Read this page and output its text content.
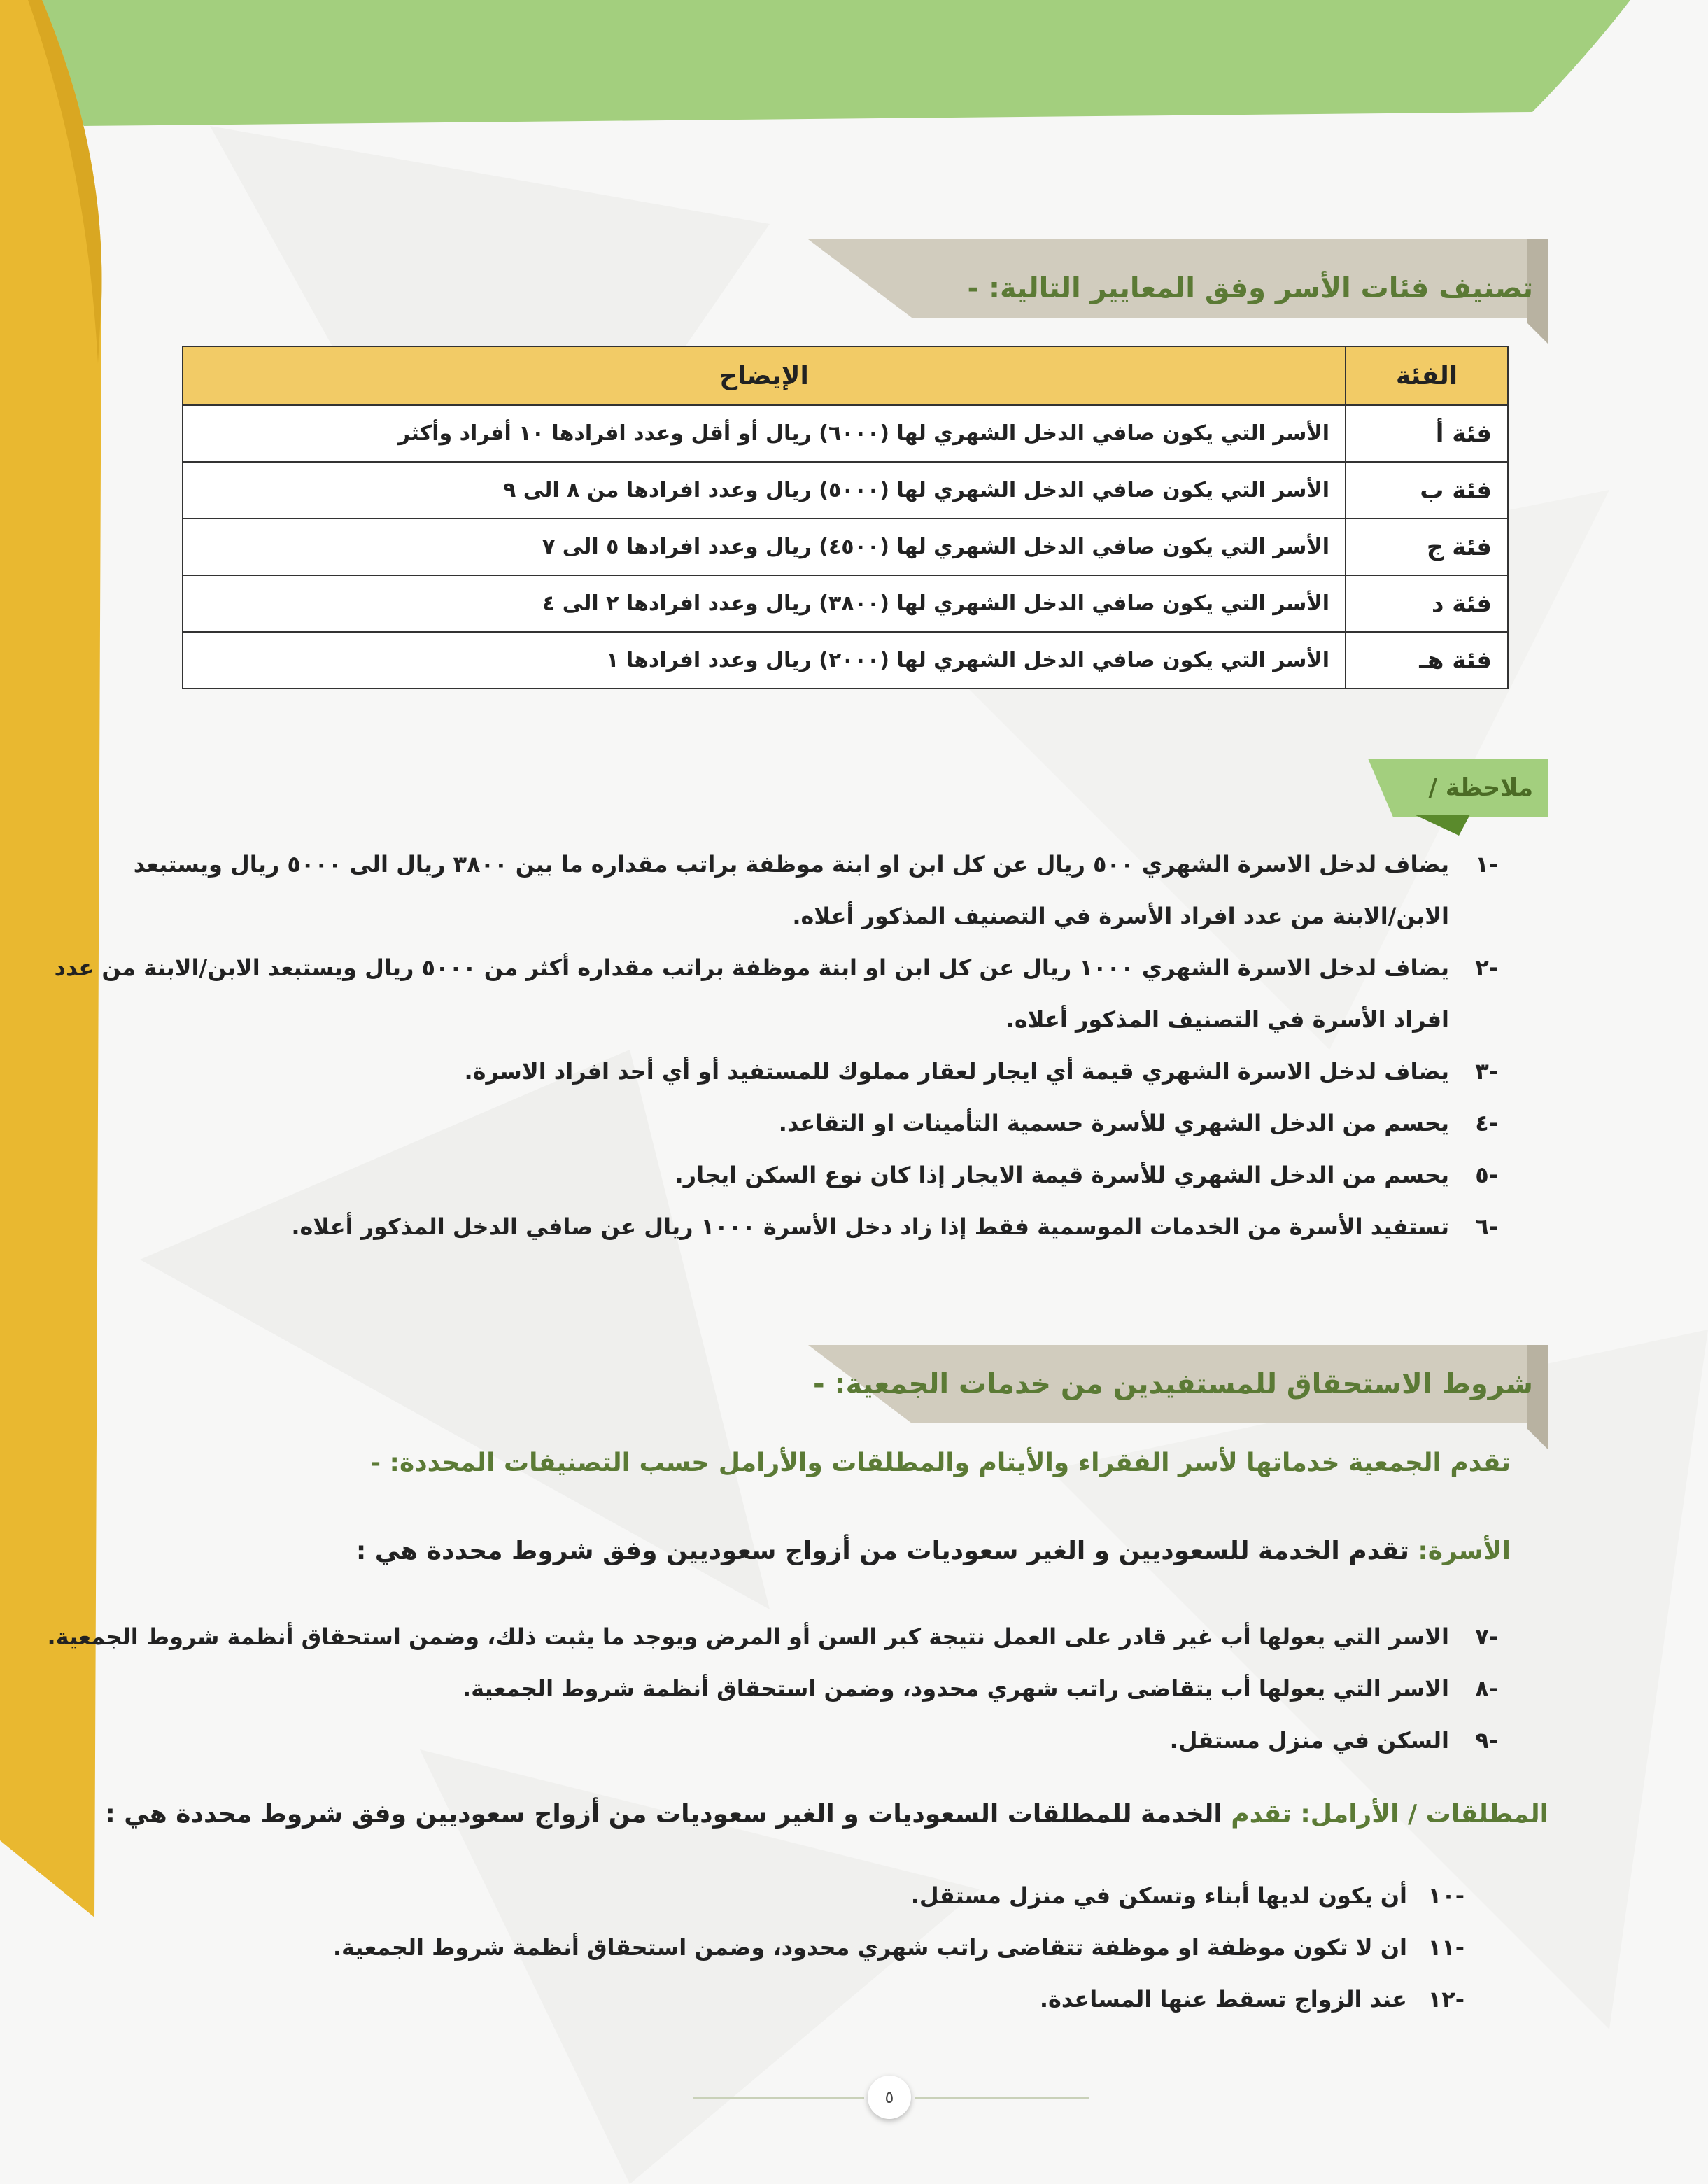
تصنيف فئات الأسر وفق المعايير التالية: -
الفئة	الإيضاح
فئة أ	الأسر التي يكون صافي الدخل الشهري لها (٦٠٠٠) ريال أو أقل وعدد افرادها ١٠ أفراد وأكثر
فئة ب	الأسر التي يكون صافي الدخل الشهري لها (٥٠٠٠) ريال وعدد افرادها من ٨ الى ٩
فئة ج	الأسر التي يكون صافي الدخل الشهري لها (٤٥٠٠) ريال وعدد افرادها ٥ الى ٧
فئة د	الأسر التي يكون صافي الدخل الشهري لها (٣٨٠٠) ريال وعدد افرادها ٢ الى ٤
فئة هـ	الأسر التي يكون صافي الدخل الشهري لها (٢٠٠٠) ريال وعدد افرادها ١
ملاحظة /
-١
يضاف لدخل الاسرة الشهري ٥٠٠ ريال عن كل ابن او ابنة موظفة براتب مقداره ما بين ٣٨٠٠ ريال الى ٥٠٠٠ ريال ويستبعد
الابن/الابنة من عدد افراد الأسرة في التصنيف المذكور أعلاه.
-٢
يضاف لدخل الاسرة الشهري ١٠٠٠ ريال عن كل ابن او ابنة موظفة براتب مقداره أكثر من ٥٠٠٠ ريال ويستبعد الابن/الابنة من عدد
افراد الأسرة في التصنيف المذكور أعلاه.
-٣
يضاف لدخل الاسرة الشهري قيمة أي ايجار لعقار مملوك للمستفيد أو أي أحد افراد الاسرة.
-٤
يحسم من الدخل الشهري للأسرة حسمية التأمينات او التقاعد.
-٥
يحسم من الدخل الشهري للأسرة قيمة الايجار إذا كان نوع السكن ايجار.
-٦
تستفيد الأسرة من الخدمات الموسمية فقط إذا زاد دخل الأسرة ١٠٠٠ ريال عن صافي الدخل المذكور أعلاه.
شروط الاستحقاق للمستفيدين من خدمات الجمعية: -
تقدم الجمعية خدماتها لأسر الفقراء والأيتام والمطلقات والأرامل حسب التصنيفات المحددة: -
الأسرة: تقدم الخدمة للسعوديين و الغير سعوديات من أزواج سعوديين وفق شروط محددة هي :
-٧
الاسر التي يعولها أب غير قادر على العمل نتيجة كبر السن أو المرض ويوجد ما يثبت ذلك، وضمن استحقاق أنظمة شروط الجمعية.
-٨
الاسر التي يعولها أب يتقاضى راتب شهري محدود، وضمن استحقاق أنظمة شروط الجمعية.
-٩
السكن في منزل مستقل.
المطلقات / الأرامل: تقدم الخدمة للمطلقات السعوديات و الغير سعوديات من أزواج سعوديين وفق شروط محددة هي :
-١٠
أن يكون لديها أبناء وتسكن في منزل مستقل.
-١١
ان لا تكون موظفة او موظفة تتقاضى راتب شهري محدود، وضمن استحقاق أنظمة شروط الجمعية.
-١٢
عند الزواج تسقط عنها المساعدة.
٥
